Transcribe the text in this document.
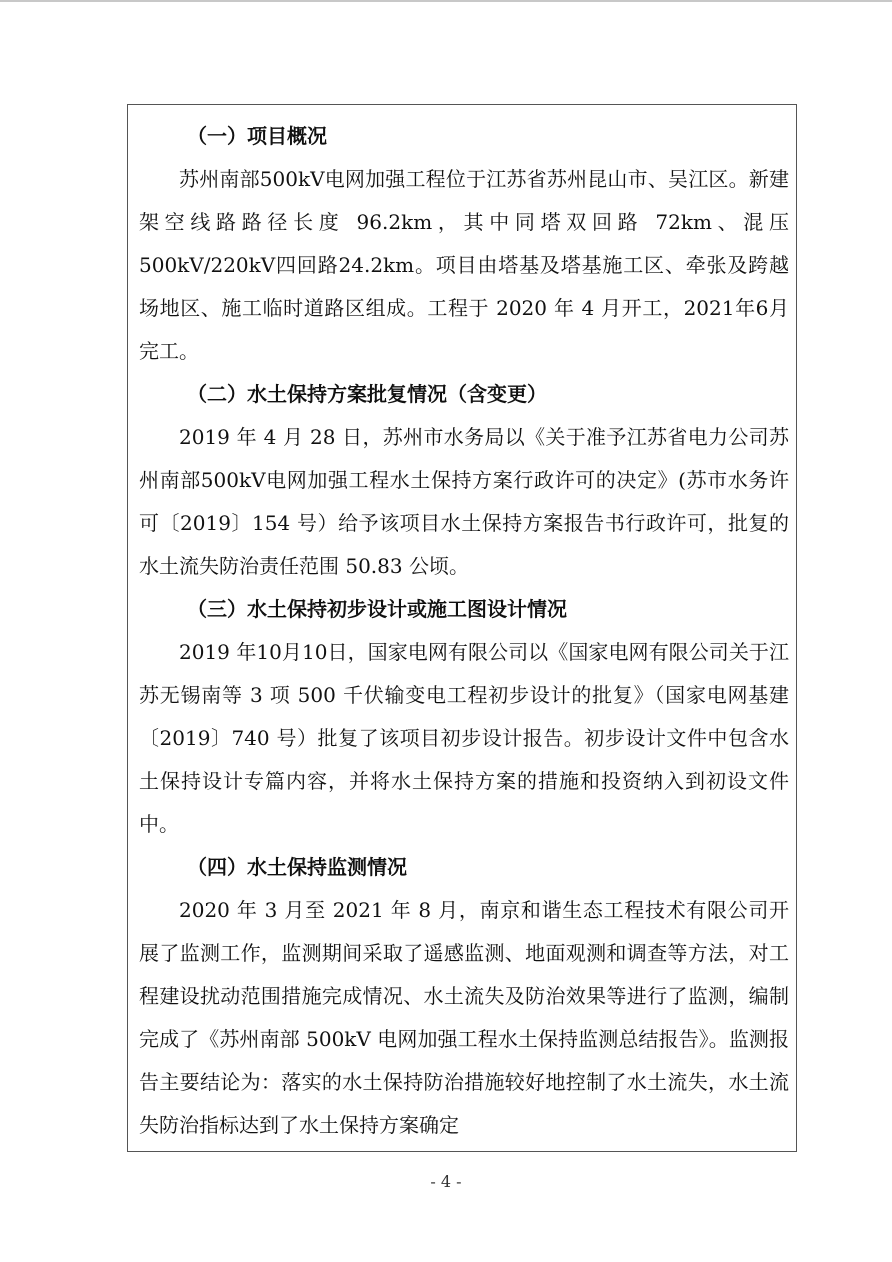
（一）项目概况

苏州南部500kV电网加强工程位于江苏省苏州昆山市、吴江区。新建架空线路路径长度 96.2km，其中同塔双回路 72km、混压500kV/220kV四回路24.2km。项目由塔基及塔基施工区、牵张及跨越场地区、施工临时道路区组成。工程于 2020 年 4 月开工，2021年6月完工。

（二）水土保持方案批复情况（含变更）

2019 年 4 月 28 日，苏州市水务局以《关于准予江苏省电力公司苏州南部500kV电网加强工程水土保持方案行政许可的决定》(苏市水务许可〔2019〕154 号）给予该项目水土保持方案报告书行政许可，批复的水土流失防治责任范围 50.83 公顷。

（三）水土保持初步设计或施工图设计情况

2019 年10月10日，国家电网有限公司以《国家电网有限公司关于江苏无锡南等 3 项 500 千伏输变电工程初步设计的批复》（国家电网基建〔2019〕740 号）批复了该项目初步设计报告。初步设计文件中包含水土保持设计专篇内容，并将水土保持方案的措施和投资纳入到初设文件中。

（四）水土保持监测情况

2020 年 3 月至 2021 年 8 月，南京和谐生态工程技术有限公司开展了监测工作，监测期间采取了遥感监测、地面观测和调查等方法，对工程建设扰动范围措施完成情况、水土流失及防治效果等进行了监测，编制完成了《苏州南部 500kV 电网加强工程水土保持监测总结报告》。监测报告主要结论为：落实的水土保持防治措施较好地控制了水土流失，水土流失防治指标达到了水土保持方案确定

- 4 -
